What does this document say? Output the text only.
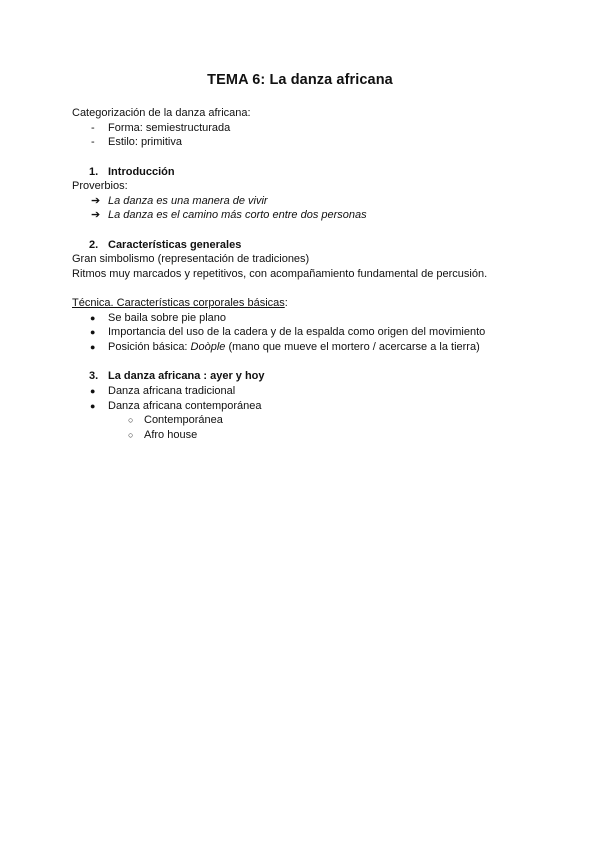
TEMA 6: La danza africana
Categorización de la danza africana:
- Forma: semiestructurada
- Estilo: primitiva
1. Introducción
Proverbios:
➔ La danza es una manera de vivir
➔ La danza es el camino más corto entre dos personas
2. Características generales
Gran simbolismo (representación de tradiciones)
Ritmos muy marcados y repetitivos, con acompañamiento fundamental de percusión.
Técnica. Características corporales básicas:
● Se baila sobre pie plano
● Importancia del uso de la cadera y de la espalda como origen del movimiento
● Posición básica: Doòple (mano que mueve el mortero / acercarse a la tierra)
3. La danza africana : ayer y hoy
● Danza africana tradicional
● Danza africana contemporánea
○ Contemporánea
○ Afro house
